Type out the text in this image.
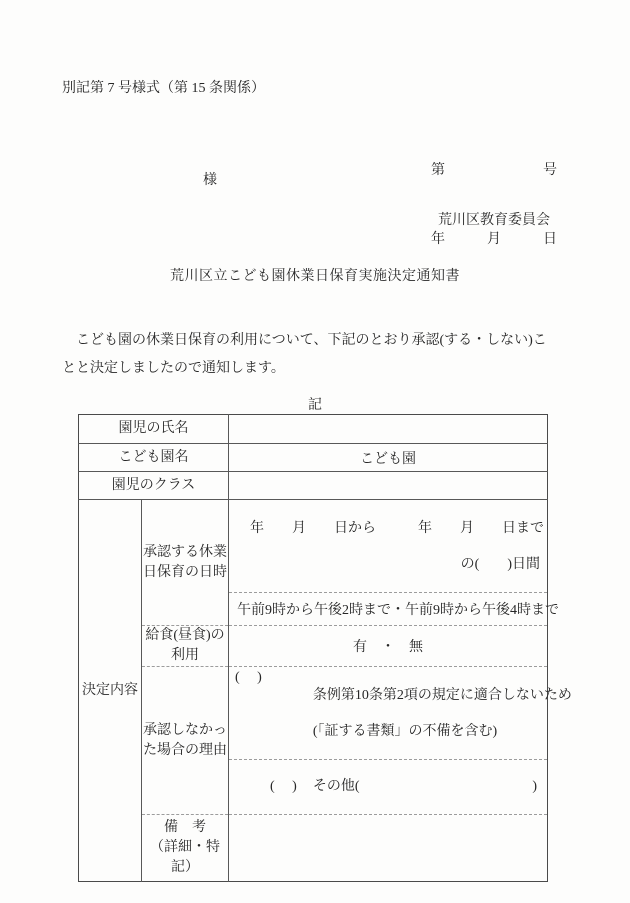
別記第 7 号様式（第 15 条関係）

第　　　　　　　号

年　　　月　　　日

様
荒川区教育委員会
荒川区立こども園休業日保育実施決定通知書
こども園の休業日保育の利用について、下記のとおり承認(する・しない)ことと決定しましたので通知します。
記
園児の氏名		
こども園名		こども園
園児のクラス		
決定内容	承認する休業
日保育の日時	年　　月　　日から　　　年　　月　　日まで

の(　　)日間

		午前9時から午後2時まで・午前9時から午後4時まで
	給食(昼食)の
利用	有　・　無
	承認しなかっ
た場合の理由	(　 )

条例第10条第2項の規定に適合しないため

(「証する書類」の不備を含む)

(　 ) その他(
)

	備　考
（詳細・特記）	
